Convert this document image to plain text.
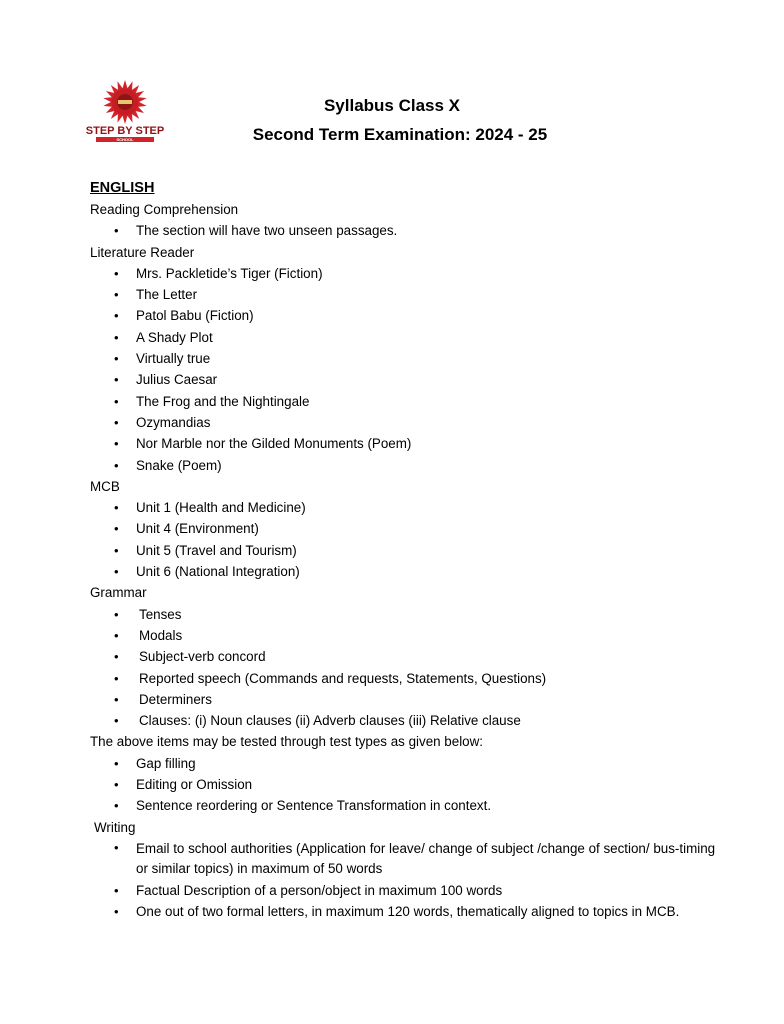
STEP BY STEP
SCHOOL
Syllabus Class X
Second Term Examination: 2024 - 25

ENGLISH

Reading Comprehension

• The section will have two unseen passages.

Literature Reader

• Mrs. Packletide’s Tiger (Fiction)
• The Letter
• Patol Babu (Fiction)
• A Shady Plot
• Virtually true
• Julius Caesar
• The Frog and the Nightingale
• Ozymandias
• Nor Marble nor the Gilded Monuments (Poem)
• Snake (Poem)

MCB

• Unit 1 (Health and Medicine)
• Unit 4 (Environment)
• Unit 5 (Travel and Tourism)
• Unit 6 (National Integration)

Grammar

• Tenses
• Modals
• Subject-verb concord
• Reported speech (Commands and requests, Statements, Questions)
• Determiners
• Clauses: (i) Noun clauses (ii) Adverb clauses (iii) Relative clause

The above items may be tested through test types as given below:

• Gap filling
• Editing or Omission
• Sentence reordering or Sentence Transformation in context.

Writing

• Email to school authorities (Application for leave/ change of subject /change of section/ bus-timing or similar topics) in maximum of 50 words
• Factual Description of a person/object in maximum 100 words
• One out of two formal letters, in maximum 120 words, thematically aligned to topics in MCB.
